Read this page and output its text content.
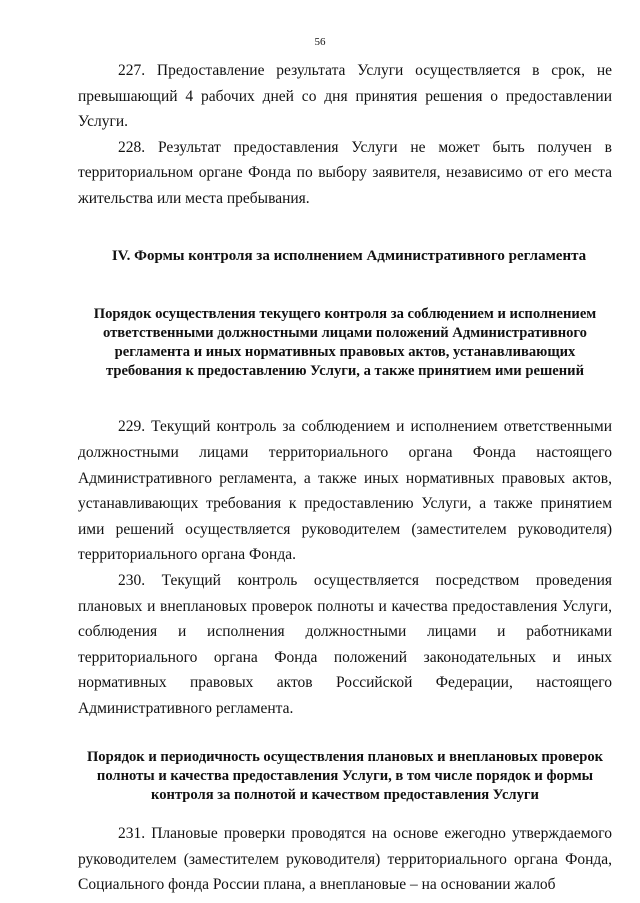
56

227. Предоставление результата Услуги осуществляется в срок, не превышающий 4 рабочих дней со дня принятия решения о предоставлении Услуги.

228. Результат предоставления Услуги не может быть получен в территориальном органе Фонда по выбору заявителя, независимо от его места жительства или места пребывания.

IV. Формы контроля за исполнением Административного регламента
Порядок осуществления текущего контроля за соблюдением и исполнением ответственными должностными лицами положений Административного регламента и иных нормативных правовых актов, устанавливающих требования к предоставлению Услуги, а также принятием ими решений

229. Текущий контроль за соблюдением и исполнением ответственными должностными лицами территориального органа Фонда настоящего Административного регламента, а также иных нормативных правовых актов, устанавливающих требования к предоставлению Услуги, а также принятием ими решений осуществляется руководителем (заместителем руководителя) территориального органа Фонда.

230. Текущий контроль осуществляется посредством проведения плановых и внеплановых проверок полноты и качества предоставления Услуги, соблюдения и исполнения должностными лицами и работниками территориального органа Фонда положений законодательных и иных нормативных правовых актов Российской Федерации, настоящего Административного регламента.

Порядок и периодичность осуществления плановых и внеплановых проверок полноты и качества предоставления Услуги, в том числе порядок и формы контроля за полнотой и качеством предоставления Услуги

231. Плановые проверки проводятся на основе ежегодно утверждаемого руководителем (заместителем руководителя) территориального органа Фонда, Социального фонда России плана, а внеплановые – на основании жалоб
